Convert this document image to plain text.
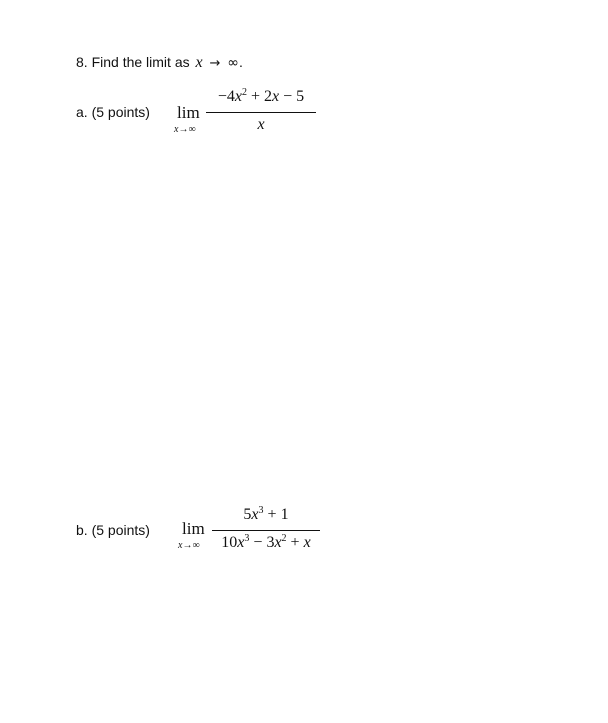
8. Find the limit as x → ∞.
a. (5 points) lim
x→∞
$-4x^2 + 2x - 5$
x
b. (5 points) lim
x→∞
$5x^3 + 1$
$10x^3 - 3x^2 + x$
